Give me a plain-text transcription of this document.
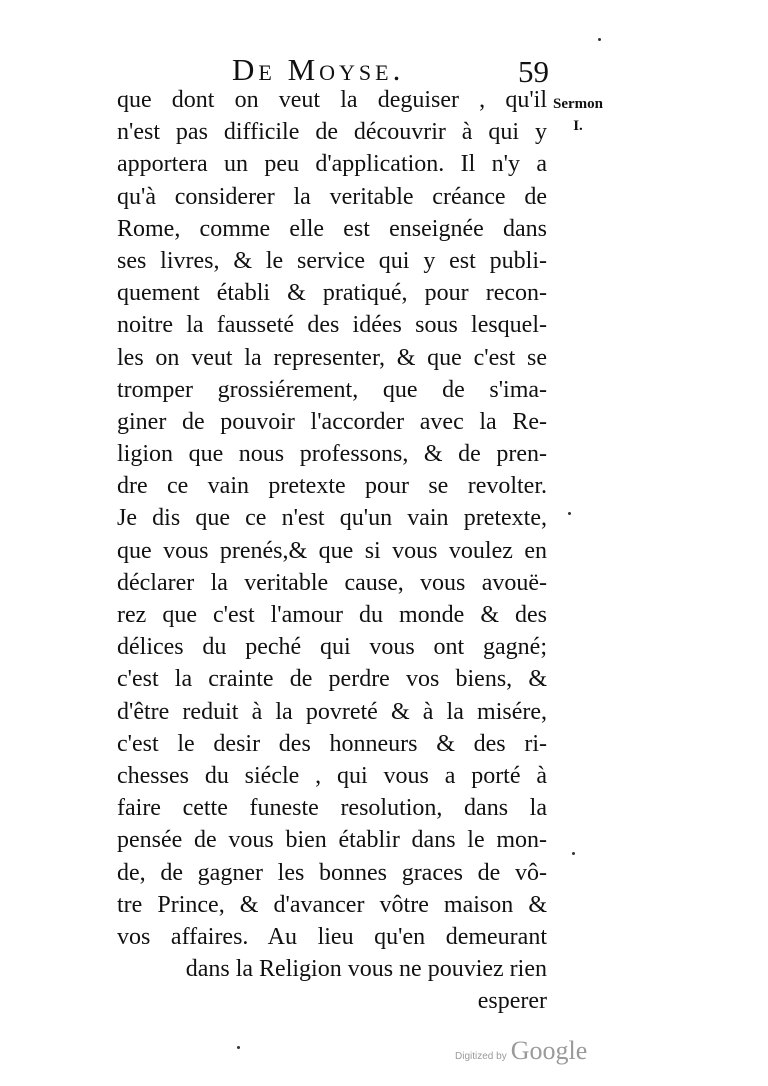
De Moyse.	59
Sermon
I.
que dont on veut la deguiser , qu'il
n'est pas difficile de découvrir à qui y
apportera un peu d'application. Il n'y a
qu'à considerer la veritable créance de
Rome, comme elle est enseignée dans
ses livres, & le service qui y est publi-
quement établi & pratiqué, pour recon-
noitre la fausseté des idées sous lesquel-
les on veut la representer, & que c'est se
tromper grossiérement, que de s'ima-
giner de pouvoir l'accorder avec la Re-
ligion que nous professons, & de pren-
dre ce vain pretexte pour se revolter.
Je dis que ce n'est qu'un vain pretexte,
que vous prenés,& que si vous voulez en
déclarer la veritable cause, vous avouë-
rez que c'est l'amour du monde & des
délices du peché qui vous ont gagné;
c'est la crainte de perdre vos biens, &
d'être reduit à la povreté & à la misére,
c'est le desir des honneurs & des ri-
chesses du siécle , qui vous a porté à
faire cette funeste resolution, dans la
pensée de vous bien établir dans le mon-
de, de gagner les bonnes graces de vô-
tre Prince, & d'avancer vôtre maison &
vos affaires. Au lieu qu'en demeurant
dans la Religion vous ne pouviez rien
esperer
Digitized by Google
